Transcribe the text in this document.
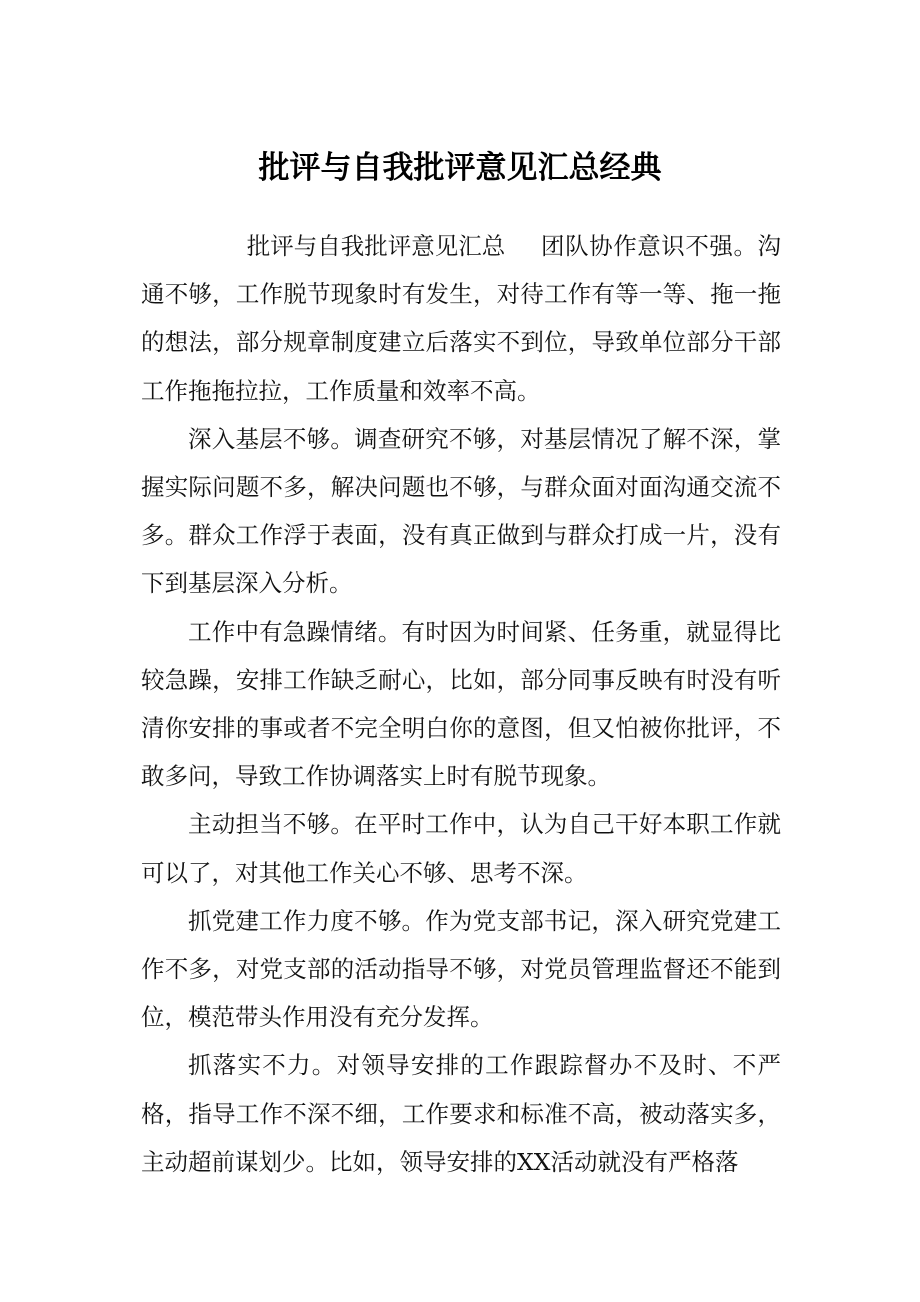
批评与自我批评意见汇总经典

批评与自我批评意见汇总 团队协作意识不强。沟通不够，工作脱节现象时有发生，对待工作有等一等、拖一拖的想法，部分规章制度建立后落实不到位，导致单位部分干部工作拖拖拉拉，工作质量和效率不高。

深入基层不够。调查研究不够，对基层情况了解不深，掌握实际问题不多，解决问题也不够，与群众面对面沟通交流不多。群众工作浮于表面，没有真正做到与群众打成一片，没有下到基层深入分析。

工作中有急躁情绪。有时因为时间紧、任务重，就显得比较急躁，安排工作缺乏耐心，比如，部分同事反映有时没有听清你安排的事或者不完全明白你的意图，但又怕被你批评，不敢多问，导致工作协调落实上时有脱节现象。

主动担当不够。在平时工作中，认为自己干好本职工作就可以了，对其他工作关心不够、思考不深。

抓党建工作力度不够。作为党支部书记，深入研究党建工作不多，对党支部的活动指导不够，对党员管理监督还不能到位，模范带头作用没有充分发挥。

抓落实不力。对领导安排的工作跟踪督办不及时、不严格，指导工作不深不细，工作要求和标准不高，被动落实多，主动超前谋划少。比如，领导安排的XX活动就没有严格落
